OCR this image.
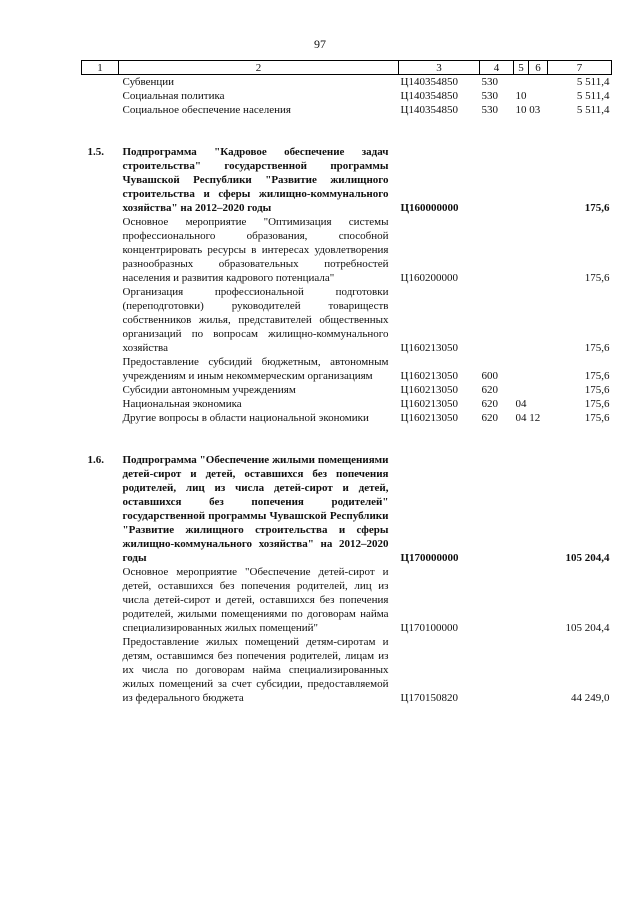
97
1	2	3	4	5	6	7
	Субвенции	Ц140354850	530			5 511,4
	Социальная политика	Ц140354850	530	10		5 511,4
	Социальное обеспечение населения	Ц140354850	530	10 03		5 511,4

1.5.	Подпрограмма "Кадровое обеспечение задач строительства" государственной программы Чувашской Республики "Развитие жилищного строительства и сферы жилищно-коммунального хозяйства" на 2012–2020 годы	Ц160000000				175,6
	Основное мероприятие "Оптимизация системы профессионального образования, способной концентрировать ресурсы в интересах удовлетворения разнообразных образовательных потребностей населения и развития кадрового потенциала"	Ц160200000				175,6
	Организация профессиональной подготовки (переподготовки) руководителей товариществ собственников жилья, представителей общественных организаций по вопросам жилищно-коммунального хозяйства	Ц160213050				175,6
	Предоставление субсидий бюджетным, автономным учреждениям и иным некоммерческим организациям	Ц160213050	600			175,6
	Субсидии автономным учреждениям	Ц160213050	620			175,6
	Национальная экономика	Ц160213050	620	04		175,6
	Другие вопросы в области национальной экономики	Ц160213050	620	04 12		175,6

1.6.	Подпрограмма "Обеспечение жилыми помещениями детей-сирот и детей, оставшихся без попечения родителей, лиц из числа детей-сирот и детей, оставшихся без попечения родителей" государственной программы Чувашской Республики "Развитие жилищного строительства и сферы жилищно-коммунального хозяйства" на 2012–2020 годы	Ц170000000				105 204,4
	Основное мероприятие "Обеспечение детей-сирот и детей, оставшихся без попечения родителей, лиц из числа детей-сирот и детей, оставшихся без попечения родителей, жилыми помещениями по договорам найма специализированных жилых помещений"	Ц170100000				105 204,4
	Предоставление жилых помещений детям-сиротам и детям, оставшимся без попечения родителей, лицам из их числа по договорам найма специализированных жилых помещений за счет субсидии, предоставляемой из федерального бюджета	Ц170150820				44 249,0
